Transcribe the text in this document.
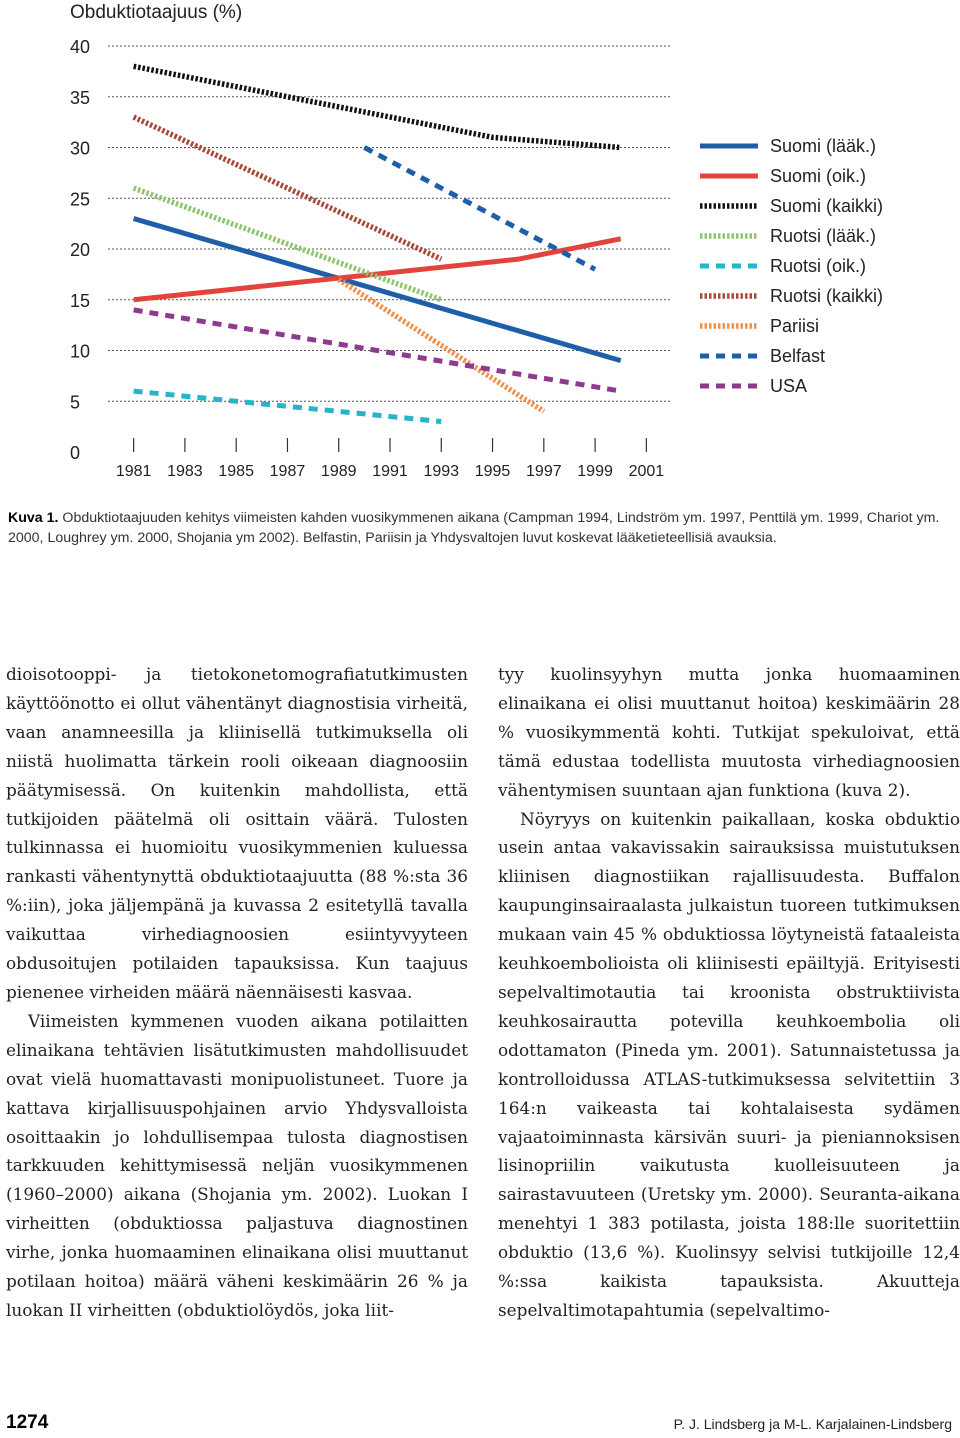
Obduktiotaajuus (%)
40
35
30
25
20
15
10
5
0
1981 1983 1985 1987 1989 1991 1993 1995 1997 1999 2001
Suomi (lääk.)
Suomi (oik.)
Suomi (kaikki)
Ruotsi (lääk.)
Ruotsi (oik.)
Ruotsi (kaikki)
Pariisi
Belfast
USA
Kuva 1. Obduktiotaajuuden kehitys viimeisten kahden vuosikymmenen aikana (Campman 1994, Lindström ym. 1997, Penttilä ym. 1999, Chariot ym. 2000, Loughrey ym. 2000, Shojania ym 2002). Belfastin, Pariisin ja Yhdysvaltojen luvut koskevat lääketieteellisiä avauksia.

dioisotooppi- ja tietokonetomografiatutkimusten käyttöönotto ei ollut vähentänyt diagnostisia virheitä, vaan anamneesilla ja kliinisellä tutkimuksella oli niistä huolimatta tärkein rooli oikeaan diagnoosiin päätymisessä. On kuitenkin mahdollista, että tutkijoiden päätelmä oli osittain väärä. Tulosten tulkinnassa ei huomioitu vuosikymmenien kuluessa rankasti vähentynyttä obduktiotaajuutta (88 %:sta 36 %:iin), joka jäljempänä ja kuvassa 2 esitetyllä tavalla vaikuttaa virhediagnoosien esiintyvyyteen obdusoitujen potilaiden tapauksissa. Kun taajuus pienenee virheiden määrä näennäisesti kasvaa.

Viimeisten kymmenen vuoden aikana potilaitten elinaikana tehtävien lisätutkimusten mahdollisuudet ovat vielä huomattavasti monipuolistuneet. Tuore ja kattava kirjallisuuspohjainen arvio Yhdysvalloista osoittaakin jo lohdullisempaa tulosta diagnostisen tarkkuuden kehittymisessä neljän vuosikymmenen (1960–2000) aikana (Shojania ym. 2002). Luokan I virheitten (obduktiossa paljastuva diagnostinen virhe, jonka huomaaminen elinaikana olisi muuttanut potilaan hoitoa) määrä väheni keskimäärin 26 % ja luokan II virheitten (obduktiolöydös, joka liit-

tyy kuolinsyyhyn mutta jonka huomaaminen elinaikana ei olisi muuttanut hoitoa) keskimäärin 28 % vuosikymmentä kohti. Tutkijat spekuloivat, että tämä edustaa todellista muutosta virhediagnoosien vähentymisen suuntaan ajan funktiona (kuva 2).

Nöyryys on kuitenkin paikallaan, koska obduktio usein antaa vakavissakin sairauksissa muistutuksen kliinisen diagnostiikan rajallisuudesta. Buffalon kaupunginsairaalasta julkaistun tuoreen tutkimuksen mukaan vain 45 % obduktiossa löytyneistä fataaleista keuhkoembolioista oli kliinisesti epäiltyjä. Erityisesti sepelvaltimotautia tai kroonista obstruktiivista keuhkosairautta potevilla keuhkoembolia oli odottamaton (Pineda ym. 2001). Satunnaistetussa ja kontrolloidussa ATLAS-tutkimuksessa selvitettiin 3 164:n vaikeasta tai kohtalaisesta sydämen vajaatoiminnasta kärsivän suuri- ja pieniannoksisen lisinopriilin vaikutusta kuolleisuuteen ja sairastavuuteen (Uretsky ym. 2000). Seuranta-aikana menehtyi 1 383 potilasta, joista 188:lle suoritettiin obduktio (13,6 %). Kuolinsyy selvisi tutkijoille 12,4 %:ssa kaikista tapauksista. Akuutteja sepelvaltimotapahtumia (sepelvaltimo-

1274	P. J. Lindsberg ja M-L. Karjalainen-Lindsberg
